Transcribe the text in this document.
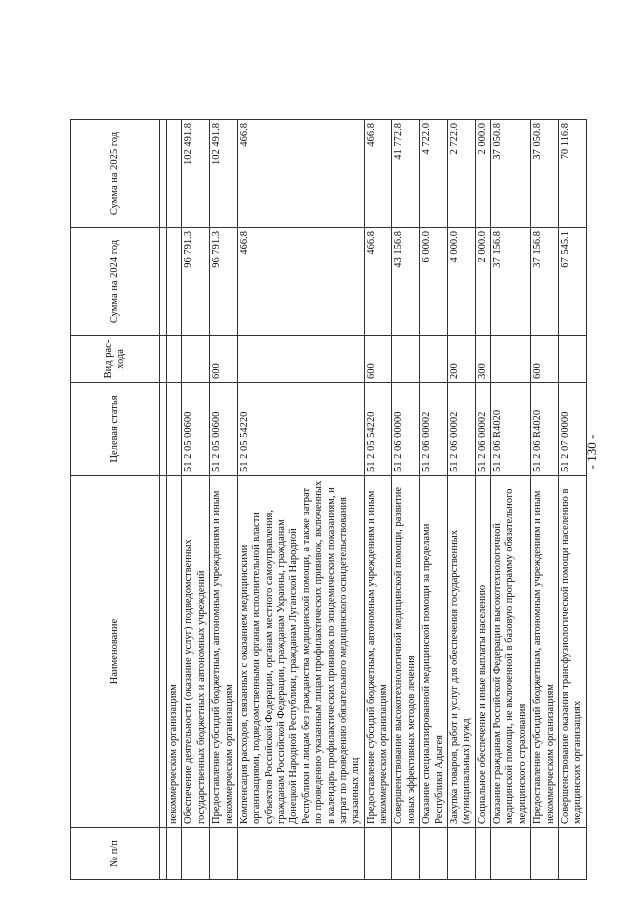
- 130 -
№ п/п	Наименование	Целевая статья	Вид рас-хода	Сумма на 2024 год	Сумма на 2025 год

	некоммерческим организациям				
	Обеспечение деятельности (оказание услуг) подведомственных государственных бюджетных и автономных учреждений	51 2 05 00600		96 791.3	102 491.8
	Предоставление субсидий бюджетным, автономным учреждениям и иным некоммерческим организациям	51 2 05 00600	600	96 791.3	102 491.8
	Компенсация расходов, связанных с оказанием медицинскими организациями, подведомственными органам исполнительной власти субъектов Российской Федерации, органам местного самоуправления, гражданам Российской Федерации, гражданам Украины, гражданам Донецкой Народной Республики, гражданам Луганской Народной Республики и лицам без гражданства медицинской помощи, а также затрат по проведению указанным лицам профилактических прививок, включенных в календарь профилактических прививок по эпидемическим показаниям, и затрат по проведению обязательного медицинского освидетельствования указанных лиц	51 2 05 54220		466.8	466.8
	Предоставление субсидий бюджетным, автономным учреждениям и иным некоммерческим организациям	51 2 05 54220	600	466.8	466.8
	Совершенствование высокотехнологичной медицинской помощи, развитие новых эффективных методов лечения	51 2 06 00000		43 156.8	41 772.8
	Оказание специализированной медицинской помощи за пределами Республики Адыгея	51 2 06 00002		6 000.0	4 722.0
	Закупка товаров, работ и услуг для обеспечения государственных (муниципальных) нужд	51 2 06 00002	200	4 000.0	2 722.0
	Социальное обеспечение и иные выплаты населению	51 2 06 00002	300	2 000.0	2 000.0
	Оказание гражданам Российской Федерации высокотехнологичной медицинской помощи, не включенной в базовую программу обязательного медицинского страхования	51 2 06 R4020		37 156.8	37 050.8
	Предоставление субсидий бюджетным, автономным учреждениям и иным некоммерческим организациям	51 2 06 R4020	600	37 156.8	37 050.8
	Совершенствование оказания трансфузиологической помощи населению в медицинских организациях	51 2 07 00000		67 545.1	70 116.8
